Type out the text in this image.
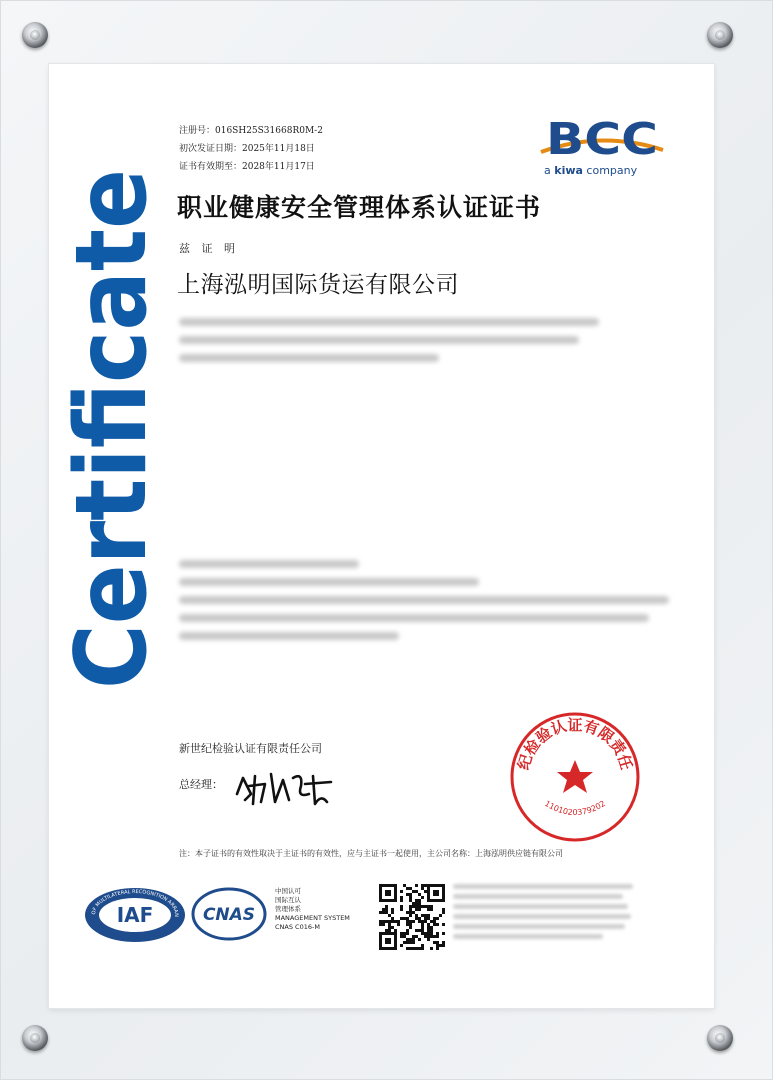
Certificate 注册号：016SH25S31668R0M-2
初次发证日期：2025年11月18日
证书有效期至：2028年11月17日
BCC
a kiwa company
职业健康安全管理体系认证证书
兹 证 明
上海泓明国际货运有限公司
新世纪检验认证有限责任公司
总经理：
纪检验认证有限责任
1101020379202
注：本子证书的有效性取决于主证书的有效性，应与主证书一起使用，主公司名称：上海泓明供应链有限公司
OF MULTILATERAL RECOGNITION ARRAN
IAF	CNAS
中国认可
国际互认
管理体系
MANAGEMENT SYSTEM
CNAS C016-M
